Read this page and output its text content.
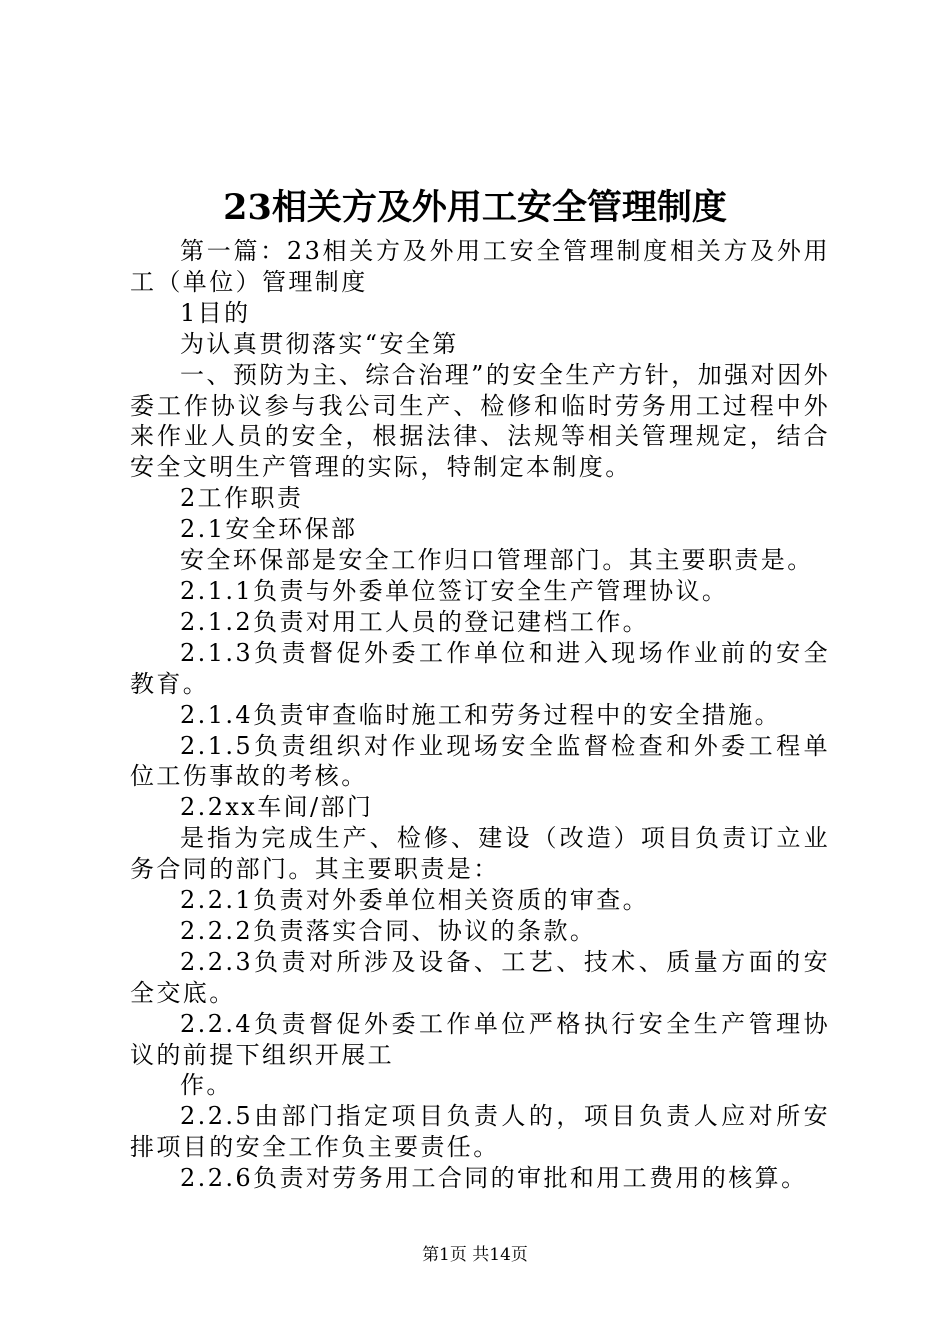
23相关方及外用工安全管理制度

第一篇：23相关方及外用工安全管理制度相关方及外用工（单位）管理制度

1目的

为认真贯彻落实“安全第

一、预防为主、综合治理”的安全生产方针，加强对因外委工作协议参与我公司生产、检修和临时劳务用工过程中外来作业人员的安全，根据法律、法规等相关管理规定，结合安全文明生产管理的实际，特制定本制度。

2工作职责

2.1安全环保部

安全环保部是安全工作归口管理部门。其主要职责是。

2.1.1负责与外委单位签订安全生产管理协议。

2.1.2负责对用工人员的登记建档工作。

2.1.3负责督促外委工作单位和进入现场作业前的安全教育。

2.1.4负责审查临时施工和劳务过程中的安全措施。

2.1.5负责组织对作业现场安全监督检查和外委工程单位工伤事故的考核。

2.2xx车间/部门

是指为完成生产、检修、建设（改造）项目负责订立业务合同的部门。其主要职责是：

2.2.1负责对外委单位相关资质的审查。

2.2.2负责落实合同、协议的条款。

2.2.3负责对所涉及设备、工艺、技术、质量方面的安全交底。

2.2.4负责督促外委工作单位严格执行安全生产管理协议的前提下组织开展工

作。

2.2.5由部门指定项目负责人的，项目负责人应对所安排项目的安全工作负主要责任。

2.2.6负责对劳务用工合同的审批和用工费用的核算。

第1页 共14页
